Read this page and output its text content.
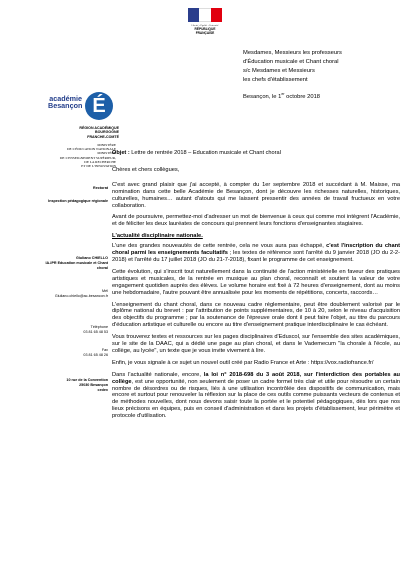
Liberté • Égalité • Fraternité
RÉPUBLIQUE FRANÇAISE
Mesdames, Messieurs les professeurs
d'Éducation musicale et Chant choral
s/c Mesdames et Messieurs
les chefs d'établissement
Besançon, le 1er octobre 2018
académie
Besançon É
RÉGION ACADÉMIQUE
BOURGOGNE
FRANCHE-COMTÉ
MINISTÈRE
DE L'ÉDUCATION NATIONALE
MINISTÈRE
DE L'ENSEIGNEMENT SUPÉRIEUR,
DE LA RECHERCHE
ET DE L'INNOVATION
Rectorat
Inspection pédagogique régionale
Giuliano CHIELLO
IA-IPR Education musicale et Chant
choral
Mél
Giuliano.chiello@ac-besancon.fr
Téléphone
03 81 65 48 53
Fax
03 81 65 48 26
10 rue de la Convention
25030 Besançon
cedex
Objet : Lettre de rentrée 2018 – Education musicale et Chant choral
Chères et chers collègues,

C'est avec grand plaisir que j'ai accepté, à compter du 1er septembre 2018 et succédant à M. Maisse, ma nomination dans cette belle Académie de Besançon, dont je découvre les richesses naturelles, historiques, culturelles, humaines… autant d'atouts qui me laissent pressentir des années de travail fructueux en votre collaboration.

Avant de poursuivre, permettez-moi d'adresser un mot de bienvenue à ceux qui comme moi intègrent l'Académie, et de féliciter les deux lauréates de concours qui prennent leurs fonctions d'enseignantes stagiaires.

L'actualité disciplinaire nationale.

L'une des grandes nouveautés de cette rentrée, cela ne vous aura pas échappé, c'est l'inscription du chant choral parmi les enseignements facultatifs ; les textes de référence sont l'arrêté du 9 janvier 2018 (JO du 2-2-2018) et l'arrêté du 17 juillet 2018 (JO du 21-7-2018), fixant le programme de cet enseignement.

Cette évolution, qui s'inscrit tout naturellement dans la continuité de l'action ministérielle en faveur des pratiques artistiques et musicales, de la rentrée en musique au plan choral, reconnaît et soutient la valeur de votre engagement quotidien auprès des élèves. Le volume horaire est fixé à 72 heures d'enseignement, dont au moins une hebdomadaire, l'autre pouvant être annualisée pour les moments de répétitions, concerts, raccords…

L'enseignement du chant choral, dans ce nouveau cadre réglementaire, peut être doublement valorisé par le diplôme national du brevet : par l'attribution de points supplémentaires, de 10 à 20, selon le niveau d'acquisition des objectifs du programme ; par la soutenance de l'épreuve orale dont il peut faire l'objet, au titre du parcours d'éducation artistique et culturelle ou encore au titre d'enseignement pratique interdisciplinaire le cas échéant.

Vous trouverez textes et ressources sur les pages disciplinaires d'Eduscol, sur l'ensemble des sites académiques, sur le site de la DAAC, qui a dédié une page au plan choral, et dans le Vademecum "la chorale à l'école, au collège, au lycée", un texte que je vous invite vivement à lire.

Enfin, je vous signale à ce sujet un nouvel outil créé par Radio France et Arte : https://vox.radiofrance.fr/

Dans l'actualité nationale, encore, la loi n° 2018-698 du 3 août 2018, sur l'interdiction des portables au collège, est une opportunité, non seulement de poser un cadre formel très clair et utile pour résoudre un certain nombre de désordres ou de risques, liés à une utilisation incontrôlée des dispositifs de communication, mais encore et surtout pour renouveler la réflexion sur la place de ces outils comme puissants vecteurs de contenus et de méthodes nouvelles, dont nous devons saisir toute la portée et le potentiel pédagogiques, dès lors que nos lieux précisons en équipes, puis en conseil d'administration et dans les projets d'établissement, leur périmètre et protocole d'utilisation.
